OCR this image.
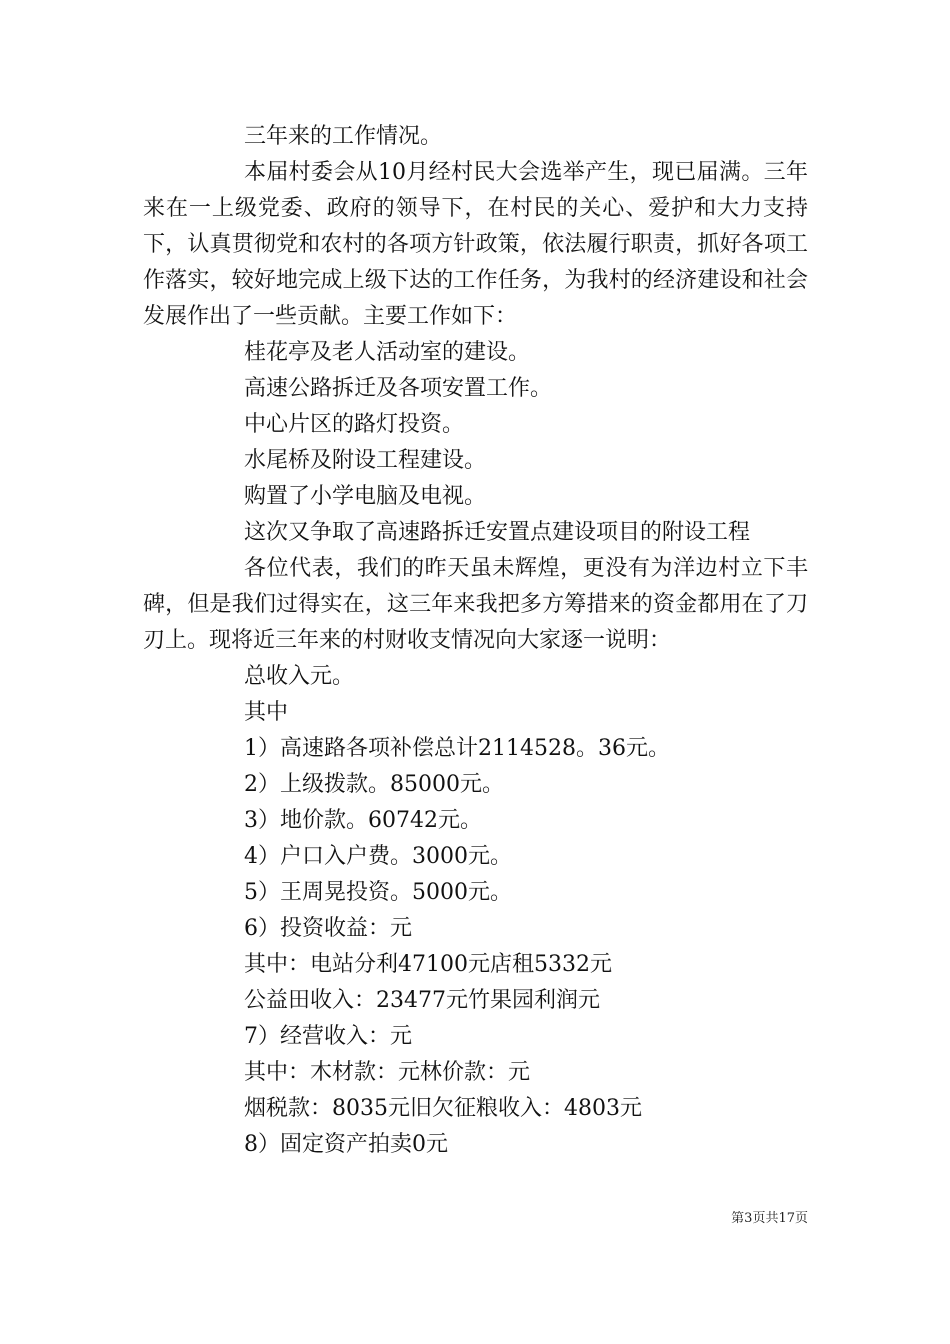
三年来的工作情况。

本届村委会从10月经村民大会选举产生，现已届满。三年来在一上级党委、政府的领导下，在村民的关心、爱护和大力支持下，认真贯彻党和农村的各项方针政策，依法履行职责，抓好各项工作落实，较好地完成上级下达的工作任务，为我村的经济建设和社会发展作出了一些贡献。主要工作如下：

桂花亭及老人活动室的建设。

高速公路拆迁及各项安置工作。

中心片区的路灯投资。

水尾桥及附设工程建设。

购置了小学电脑及电视。

这次又争取了高速路拆迁安置点建设项目的附设工程

各位代表，我们的昨天虽未辉煌，更没有为洋边村立下丰碑，但是我们过得实在，这三年来我把多方筹措来的资金都用在了刀刃上。现将近三年来的村财收支情况向大家逐一说明：

总收入元。

其中

1）高速路各项补偿总计2114528。36元。

2）上级拨款。85000元。

3）地价款。60742元。

4）户口入户费。3000元。

5）王周晃投资。5000元。

6）投资收益：元

其中：电站分利47100元店租5332元

公益田收入：23477元竹果园利润元

7）经营收入：元

其中：木材款：元林价款：元

烟税款：8035元旧欠征粮收入：4803元

8）固定资产拍卖0元

第3页共17页
